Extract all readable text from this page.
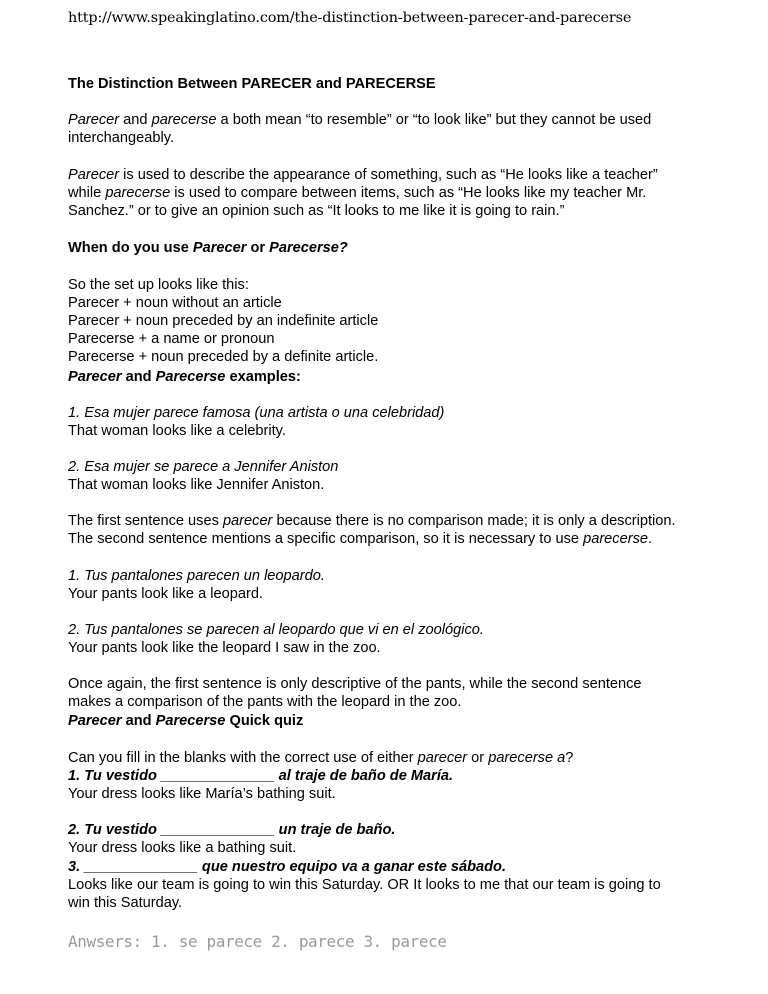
http://www.speakinglatino.com/the-distinction-between-parecer-and-parecerse
The Distinction Between PARECER and PARECERSE
Parecer and parecerse a both mean “to resemble” or “to look like” but they cannot be used
interchangeably.
Parecer is used to describe the appearance of something, such as “He looks like a teacher”
while parecerse is used to compare between items, such as “He looks like my teacher Mr.
Sanchez.” or to give an opinion such as “It looks to me like it is going to rain.”
When do you use Parecer or Parecerse?
So the set up looks like this:
Parecer + noun without an article
Parecer + noun preceded by an indefinite article
Parecerse + a name or pronoun
Parecerse + noun preceded by a definite article.
Parecer and Parecerse examples:
1. Esa mujer parece famosa (una artista o una celebridad)
That woman looks like a celebrity.
2. Esa mujer se parece a Jennifer Aniston
That woman looks like Jennifer Aniston.
The first sentence uses parecer because there is no comparison made; it is only a description.
The second sentence mentions a specific comparison, so it is necessary to use parecerse.
1. Tus pantalones parecen un leopardo.
Your pants look like a leopard.
2. Tus pantalones se parecen al leopardo que vi en el zoológico.
Your pants look like the leopard I saw in the zoo.
Once again, the first sentence is only descriptive of the pants, while the second sentence
makes a comparison of the pants with the leopard in the zoo.
Parecer and Parecerse Quick quiz
Can you fill in the blanks with the correct use of either parecer or parecerse a?
1. Tu vestido ______________ al traje de baño de María.
Your dress looks like María’s bathing suit.
2. Tu vestido ______________ un traje de baño.
Your dress looks like a bathing suit.
3. ______________ que nuestro equipo va a ganar este sábado.
Looks like our team is going to win this Saturday. OR It looks to me that our team is going to
win this Saturday.
Anwsers: 1. se parece 2. parece 3. parece
